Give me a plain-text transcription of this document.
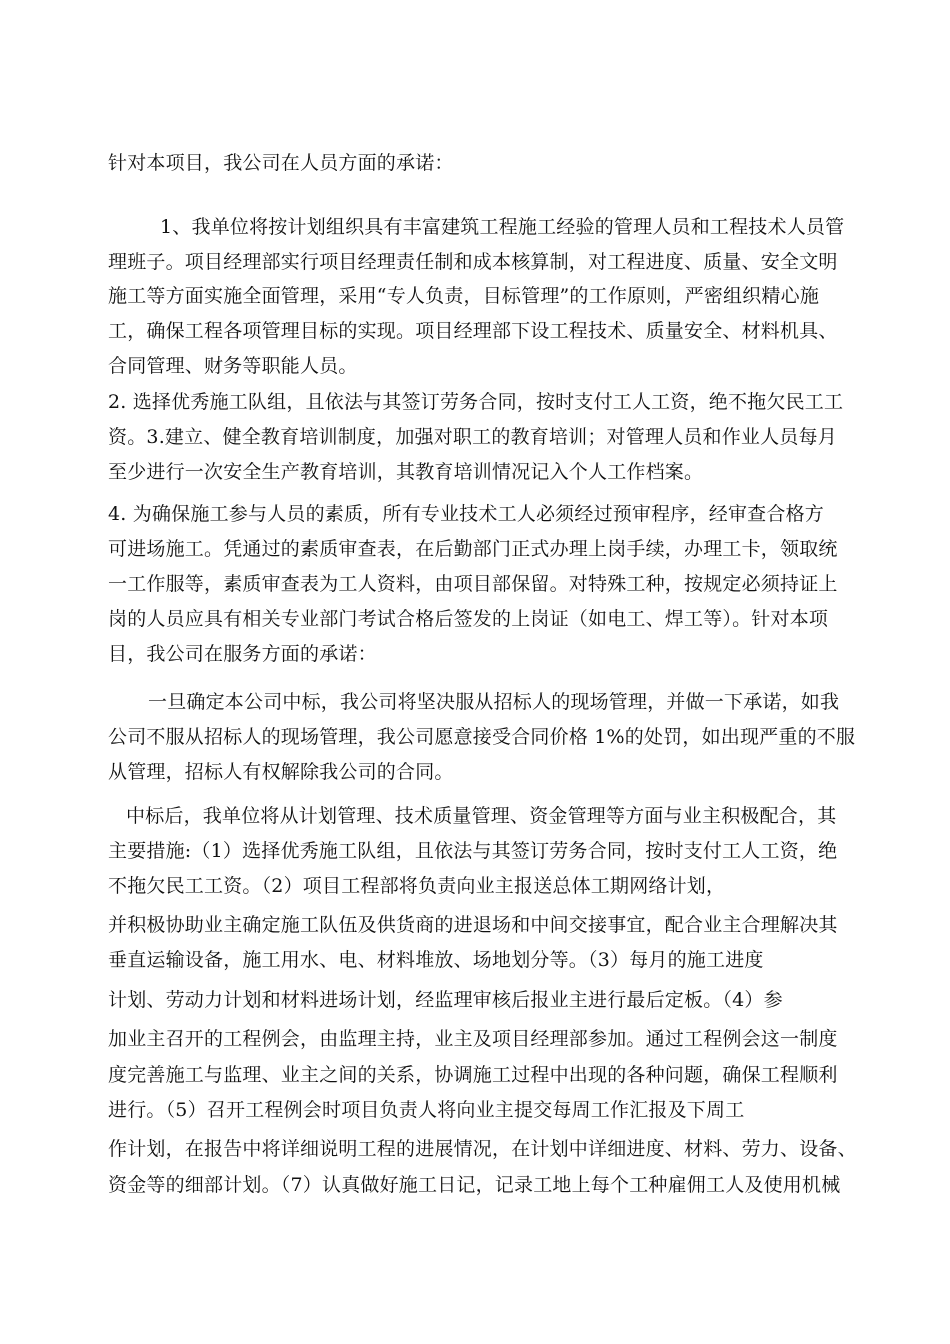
针对本项目，我公司在人员方面的承诺：
1、我单位将按计划组织具有丰富建筑工程施工经验的管理人员和工程技术人员管
理班子。项目经理部实行项目经理责任制和成本核算制，对工程进度、质量、安全文明
施工等方面实施全面管理，采用“专人负责，目标管理”的工作原则，严密组织精心施
工，确保工程各项管理目标的实现。项目经理部下设工程技术、质量安全、材料机具、
合同管理、财务等职能人员。
2. 选择优秀施工队组，且依法与其签订劳务合同，按时支付工人工资，绝不拖欠民工工
资。3.建立、健全教育培训制度，加强对职工的教育培训；对管理人员和作业人员每月
至少进行一次安全生产教育培训，其教育培训情况记入个人工作档案。
4. 为确保施工参与人员的素质，所有专业技术工人必须经过预审程序，经审查合格方
可进场施工。凭通过的素质审查表，在后勤部门正式办理上岗手续，办理工卡，领取统
一工作服等，素质审查表为工人资料，由项目部保留。对特殊工种，按规定必须持证上
岗的人员应具有相关专业部门考试合格后签发的上岗证（如电工、焊工等）。针对本项
目，我公司在服务方面的承诺：
一旦确定本公司中标，我公司将坚决服从招标人的现场管理，并做一下承诺，如我
公司不服从招标人的现场管理，我公司愿意接受合同价格 1%的处罚，如出现严重的不服
从管理，招标人有权解除我公司的合同。
中标后，我单位将从计划管理、技术质量管理、资金管理等方面与业主积极配合，其
主要措施:（1）选择优秀施工队组，且依法与其签订劳务合同，按时支付工人工资，绝
不拖欠民工工资。（2）项目工程部将负责向业主报送总体工期网络计划，
并积极协助业主确定施工队伍及供货商的进退场和中间交接事宜，配合业主合理解决其
垂直运输设备，施工用水、电、材料堆放、场地划分等。（3）每月的施工进度
计划、劳动力计划和材料进场计划，经监理审核后报业主进行最后定板。（4）参
加业主召开的工程例会，由监理主持，业主及项目经理部参加。通过工程例会这一制度
度完善施工与监理、业主之间的关系，协调施工过程中出现的各种问题，确保工程顺利
进行。（5）召开工程例会时项目负责人将向业主提交每周工作汇报及下周工
作计划，在报告中将详细说明工程的进展情况，在计划中详细进度、材料、劳力、设备、
资金等的细部计划。（7）认真做好施工日记，记录工地上每个工种雇佣工人及使用机械
